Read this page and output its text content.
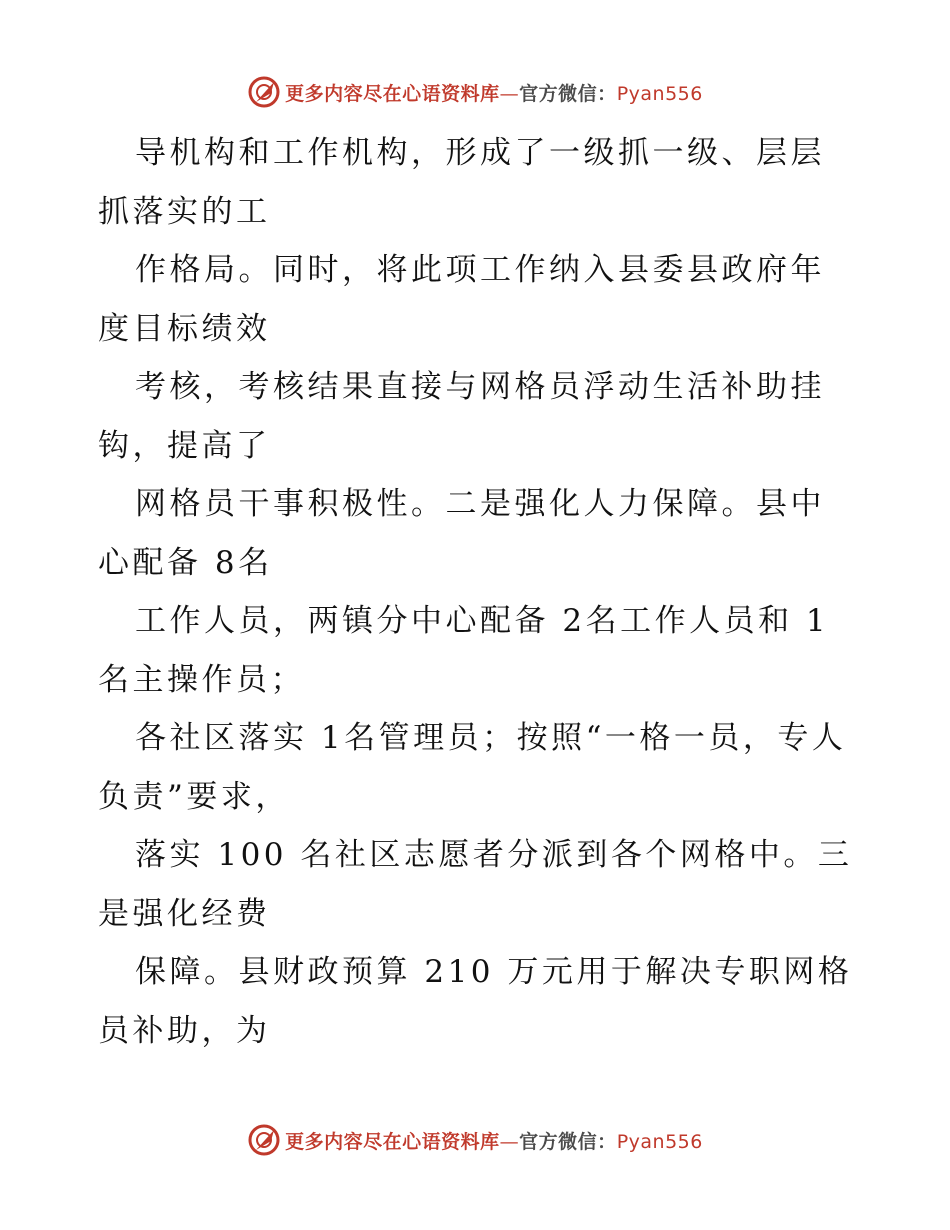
更多内容尽在心语资料库—官方微信：Pyan556

导机构和工作机构，形成了一级抓一级、层层抓落实的工

作格局。同时，将此项工作纳入县委县政府年度目标绩效

考核，考核结果直接与网格员浮动生活补助挂钩，提高了

网格员干事积极性。二是强化人力保障。县中心配备 8名

工作人员，两镇分中心配备 2名工作人员和 1名主操作员；

各社区落实 1名管理员；按照“一格一员，专人负责”要求，

落实 100 名社区志愿者分派到各个网格中。三是强化经费

保障。县财政预算 210 万元用于解决专职网格员补助，为

更多内容尽在心语资料库—官方微信：Pyan556
